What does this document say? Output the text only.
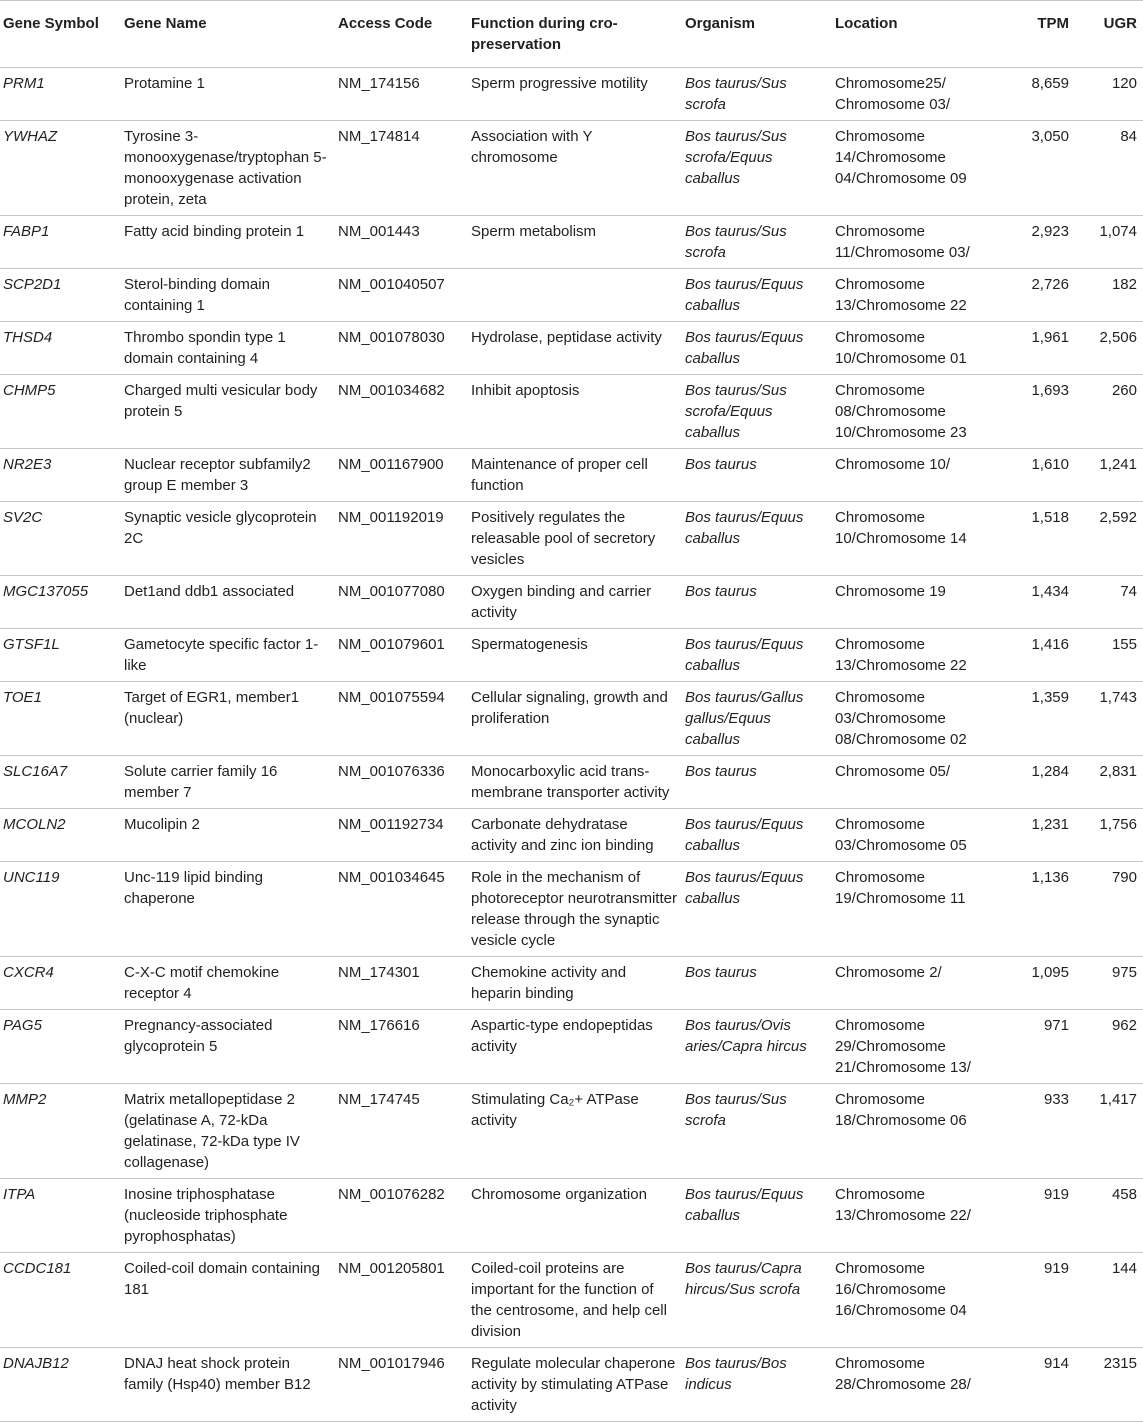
Gene Symbol	Gene Name	Access Code	Function during cro-preservation	Organism	Location	TPM	UGR
PRM1	Protamine 1	NM_174156	Sperm progressive motility	Bos taurus/Sus scrofa	Chromosome25/ Chromosome 03/	8,659	120
YWHAZ	Tyrosine 3-monooxygenase/tryptophan 5-monooxygenase activation protein, zeta	NM_174814	Association with Y chromosome	Bos taurus/Sus scrofa/Equus caballus	Chromosome 14/Chromosome 04/Chromosome 09	3,050	84
FABP1	Fatty acid binding protein 1	NM_001443	Sperm metabolism	Bos taurus/Sus scrofa	Chromosome 11/Chromosome 03/	2,923	1,074
SCP2D1	Sterol-binding domain containing 1	NM_001040507		Bos taurus/Equus caballus	Chromosome 13/Chromosome 22	2,726	182
THSD4	Thrombo spondin type 1 domain containing 4	NM_001078030	Hydrolase, peptidase activity	Bos taurus/Equus caballus	Chromosome 10/Chromosome 01	1,961	2,506
CHMP5	Charged multi vesicular body protein 5	NM_001034682	Inhibit apoptosis	Bos taurus/Sus scrofa/Equus caballus	Chromosome 08/Chromosome 10/Chromosome 23	1,693	260
NR2E3	Nuclear receptor subfamily2 group E member 3	NM_001167900	Maintenance of proper cell function	Bos taurus	Chromosome 10/	1,610	1,241
SV2C	Synaptic vesicle glycoprotein 2C	NM_001192019	Positively regulates the releasable pool of secretory vesicles	Bos taurus/Equus caballus	Chromosome 10/Chromosome 14	1,518	2,592
MGC137055	Det1and ddb1 associated	NM_001077080	Oxygen binding and carrier activity	Bos taurus	Chromosome 19	1,434	74
GTSF1L	Gametocyte specific factor 1-like	NM_001079601	Spermatogenesis	Bos taurus/Equus caballus	Chromosome 13/Chromosome 22	1,416	155
TOE1	Target of EGR1, member1 (nuclear)	NM_001075594	Cellular signaling, growth and proliferation	Bos taurus/Gallus gallus/Equus caballus	Chromosome 03/Chromosome 08/Chromosome 02	1,359	1,743
SLC16A7	Solute carrier family 16 member 7	NM_001076336	Monocarboxylic acid trans-membrane transporter activity	Bos taurus	Chromosome 05/	1,284	2,831
MCOLN2	Mucolipin 2	NM_001192734	Carbonate dehydratase activity and zinc ion binding	Bos taurus/Equus caballus	Chromosome 03/Chromosome 05	1,231	1,756
UNC119	Unc-119 lipid binding chaperone	NM_001034645	Role in the mechanism of photoreceptor neurotransmitter release through the synaptic vesicle cycle	Bos taurus/Equus caballus	Chromosome 19/Chromosome 11	1,136	790
CXCR4	C-X-C motif chemokine receptor 4	NM_174301	Chemokine activity and heparin binding	Bos taurus	Chromosome 2/	1,095	975
PAG5	Pregnancy-associated glycoprotein 5	NM_176616	Aspartic-type endopeptidas activity	Bos taurus/Ovis aries/Capra hircus	Chromosome 29/Chromosome 21/Chromosome 13/	971	962
MMP2	Matrix metallopeptidase 2 (gelatinase A, 72-kDa gelatinase, 72-kDa type IV collagenase)	NM_174745	Stimulating Ca₂+ ATPase activity	Bos taurus/Sus scrofa	Chromosome 18/Chromosome 06	933	1,417
ITPA	Inosine triphosphatase (nucleoside triphosphate pyrophosphatas)	NM_001076282	Chromosome organization	Bos taurus/Equus caballus	Chromosome 13/Chromosome 22/	919	458
CCDC181	Coiled-coil domain containing 181	NM_001205801	Coiled-coil proteins are important for the function of the centrosome, and help cell division	Bos taurus/Capra hircus/Sus scrofa	Chromosome 16/Chromosome 16/Chromosome 04	919	144
DNAJB12	DNAJ heat shock protein family (Hsp40) member B12	NM_001017946	Regulate molecular chaperone activity by stimulating ATPase activity	Bos taurus/Bos indicus	Chromosome 28/Chromosome 28/	914	2315
